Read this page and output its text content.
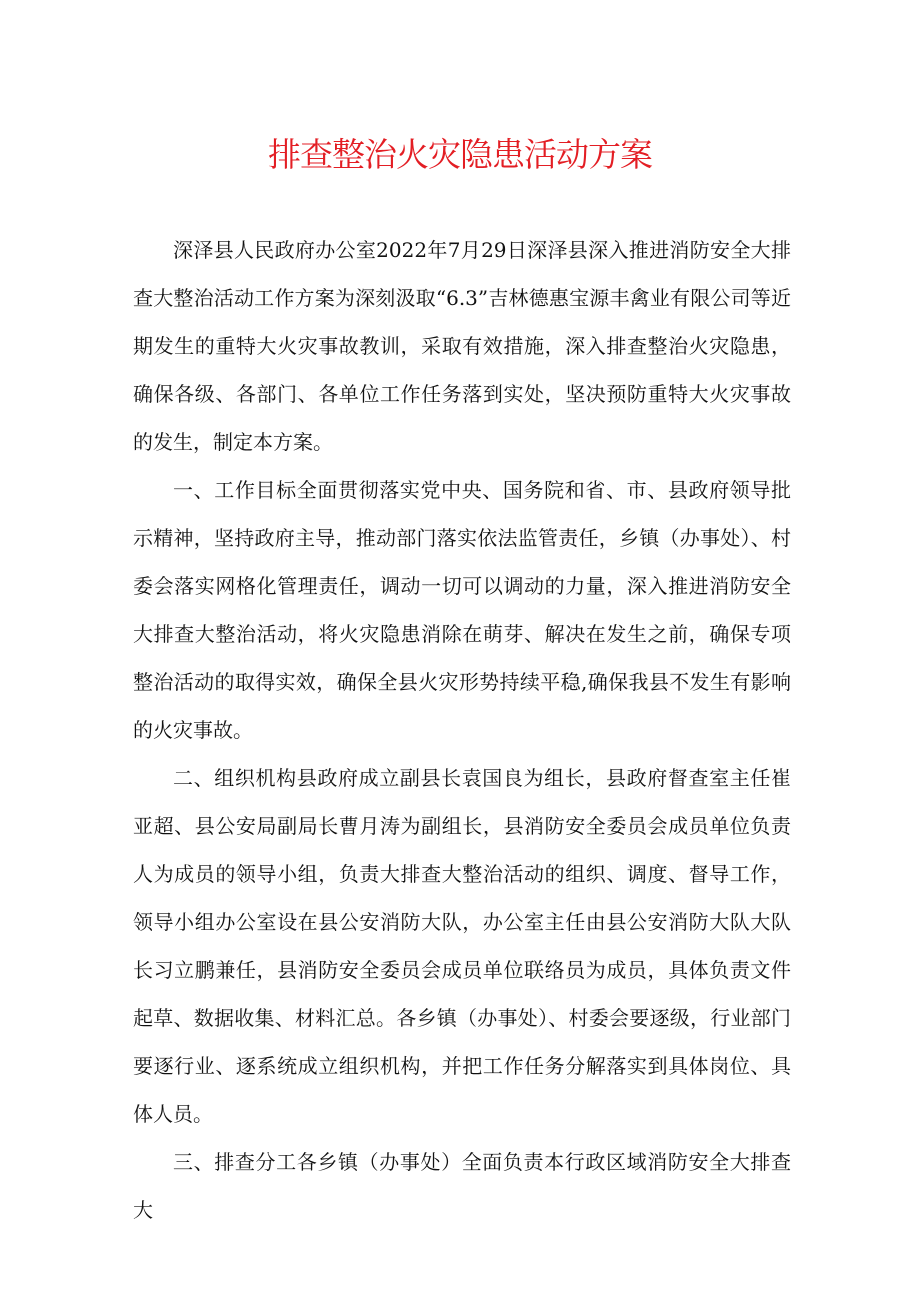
排查整治火灾隐患活动方案

深泽县人民政府办公室2022年7月29日深泽县深入推进消防安全大排查大整治活动工作方案为深刻汲取“6.3”吉林德惠宝源丰禽业有限公司等近期发生的重特大火灾事故教训，采取有效措施，深入排查整治火灾隐患，确保各级、各部门、各单位工作任务落到实处，坚决预防重特大火灾事故的发生，制定本方案。

一、工作目标全面贯彻落实党中央、国务院和省、市、县政府领导批示精神，坚持政府主导，推动部门落实依法监管责任，乡镇（办事处）、村委会落实网格化管理责任，调动一切可以调动的力量，深入推进消防安全大排查大整治活动，将火灾隐患消除在萌芽、解决在发生之前，确保专项整治活动的取得实效，确保全县火灾形势持续平稳,确保我县不发生有影响的火灾事故。

二、组织机构县政府成立副县长袁国良为组长，县政府督查室主任崔亚超、县公安局副局长曹月涛为副组长，县消防安全委员会成员单位负责人为成员的领导小组，负责大排查大整治活动的组织、调度、督导工作，领导小组办公室设在县公安消防大队，办公室主任由县公安消防大队大队长习立鹏兼任，县消防安全委员会成员单位联络员为成员，具体负责文件起草、数据收集、材料汇总。各乡镇（办事处）、村委会要逐级，行业部门要逐行业、逐系统成立组织机构，并把工作任务分解落实到具体岗位、具体人员。

三、排查分工各乡镇（办事处）全面负责本行政区域消防安全大排查大
